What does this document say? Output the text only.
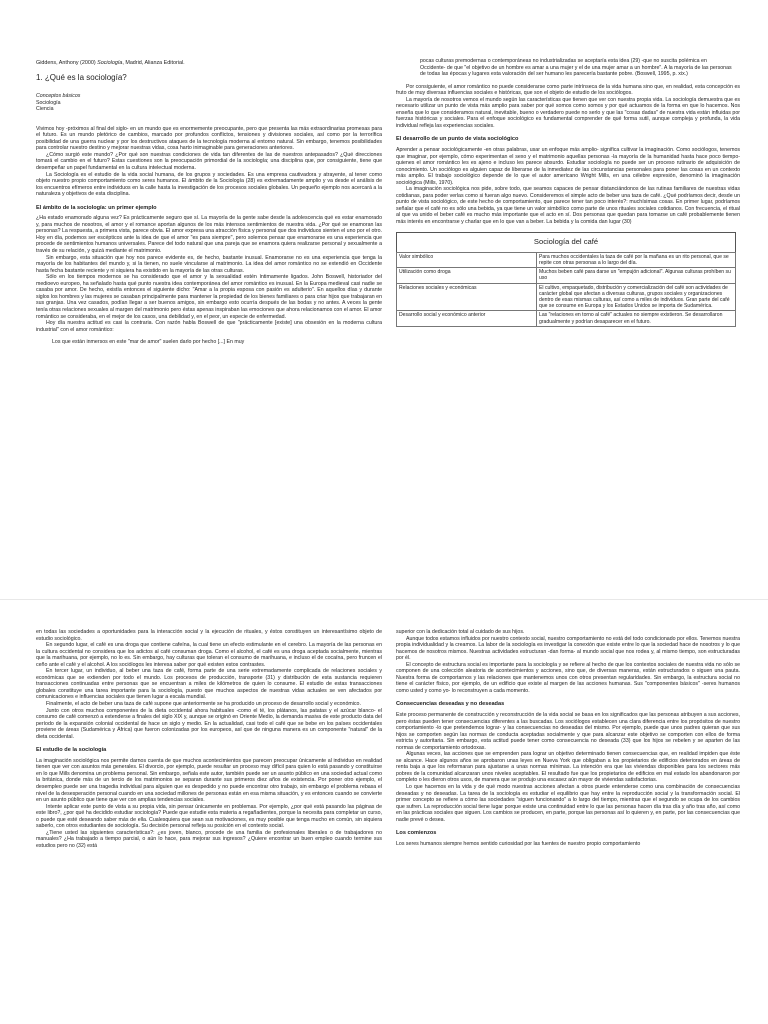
Giddens, Anthony (2000) Sociología, Madrid, Alianza Editorial.
1. ¿Qué es la sociología?
Conceptos básicos
Sociología
Ciencia

Vivimos hoy -próximos al final del siglo- en un mundo que es enormemente preocupante, pero que presenta las más extraordinarias promesas para el futuro. Es un mundo pletórico de cambios, marcado por profundos conflictos, tensiones y divisiones sociales, así como por la terrorífica posibilidad de una guerra nuclear y por los destructivos ataques de la tecnología moderna al entorno natural. Sin embargo, tenemos posibilidades para controlar nuestro destino y mejorar nuestras vidas, cosa harto inimaginable para generaciones anteriores.

¿Cómo surgió este mundo? ¿Por qué son nuestras condiciones de vida tan diferentes de las de nuestros antepasados? ¿Qué direcciones tomará el cambio en el futuro? Estas cuestiones son la preocupación primordial de la sociología; una disciplina que, por consiguiente, tiene que desempeñar un papel fundamental en la cultura intelectual moderna.

La Sociología es el estudio de la vida social humana, de los grupos y sociedades. Es una empresa cautivadora y atrayente, al tener como objeto nuestro propio comportamiento como seres humanos. El ámbito de la Sociología (28) es extremadamente amplio y va desde el análisis de los encuentros efímeros entre individuos en la calle hasta la investigación de los procesos sociales globales. Un pequeño ejemplo nos acercará a la naturaleza y objetivos de esta disciplina.

El ámbito de la sociología: un primer ejemplo

¿Ha estado enamorado alguna vez? Es prácticamente seguro que sí. La mayoría de la gente sabe desde la adolescencia qué es estar enamorado y, para muchos de nosotros, el amor y el romance aportan algunos de los más intensos sentimientos de nuestra vida. ¿Por qué se enamoran las personas? La respuesta, a primera vista, parece obvia. El amor expresa una atracción física y personal que dos individuos sienten el uno por el otro. Hoy en día, podemos ser escépticos ante la idea de que el amor "es para siempre", pero solemos pensar que enamorarse es una experiencia que procede de sentimientos humanos universales. Parece del todo natural que una pareja que se enamora quiera realizarse personal y sexualmente a través de su relación, y quizá mediante el matrimonio.

Sin embargo, esta situación que hoy nos parece evidente es, de hecho, bastante inusual. Enamorarse no es una experiencia que tenga la mayoría de los habitantes del mundo y, si la tienen, no suele vincularse al matrimonio. La idea del amor romántico no se extendió en Occidente hasta fecha bastante reciente y ni siquiera ha existido en la mayoría de las otras culturas.

Sólo en los tiempos modernos se ha considerado que el amor y la sexualidad estén íntimamente ligados. John Boswell, historiador del medioevo europeo, ha señalado hasta qué punto nuestra idea contemporánea del amor romántico es inusual. En la Europa medieval casi nadie se casaba por amor. De hecho, existía entonces el siguiente dicho: "Amar a la propia esposa con pasión es adulterio". En aquellos días y durante siglos los hombres y las mujeres se casaban principalmente para mantener la propiedad de los bienes familiares o para criar hijos que trabajaran en sus granjas. Una vez casados, podían llegar a ser buenos amigos, sin embargo esto ocurría después de las bodas y no antes. A veces la gente tenía otras relaciones sexuales al margen del matrimonio pero éstas apenas inspiraban las emociones que ahora relacionamos con el amor. El amor romántico se consideraba, en el mejor de los casos, una debilidad y, en el peor, un especie de enfermedad.

Hoy día nuestra actitud es casi la contraria. Con razón habla Boswell de que "prácticamente [existe] una obsesión en la moderna cultura industrial" con el amor romántico:

Los que están inmersos en este "mar de amor" suelen darlo por hecho [...] En muy

pocas culturas premodernas o contemporáneas no industrializadas se aceptaría esta idea (29) -que no suscita polémica en Occidente- de que "el objetivo de un hombre es amar a una mujer y el de una mujer amar a un hombre". A la mayoría de las personas de todas las épocas y lugares esta valoración del ser humano les parecería bastante pobre. (Boswell, 1995, p. xix.)

Por consiguiente, el amor romántico no puede considerarse como parte intrínseca de la vida humana sino que, en realidad, esta concepción es fruto de muy diversas influencias sociales e históricas, que son el objeto de estudio de los sociólogos.

La mayoría de nosotros vemos el mundo según las características que tienen que ver con nuestra propia vida. La sociología demuestra que es necesario utilizar un punto de vista más amplio para saber por qué somos como somos y por qué actuamos de la forma en que lo hacemos. Nos enseña que lo que consideramos natural, inevitable, bueno o verdadero puede no serlo y que las "cosas dadas" de nuestra vida están influidas por fuerzas históricas y sociales. Para el enfoque sociológico es fundamental comprender de qué forma sutil, aunque compleja y profunda, la vida individual refleja las experiencias sociales.

El desarrollo de un punto de vista sociológico

Aprender a pensar sociológicamente -en otras palabras, usar un enfoque más amplio- significa cultivar la imaginación. Como sociólogos, tenemos que imaginar, por ejemplo, cómo experimentan el sexo y el matrimonio aquellas personas -la mayoría de la humanidad hasta hace poco tiempo- quienes el amor romántico les es ajeno e incluso les parece absurdo. Estudiar sociología no puede ser un proceso rutinario de adquisición de conocimiento. Un sociólogo es alguien capaz de liberarse de la inmediatez de las circunstancias personales para poner las cosas en un contexto más amplio. El trabajo sociológico depende de lo que el autor americano Wright Mills, en una célebre expresión, denominó la imaginación sociológica (Mills, 1970).

La imaginación sociológica nos pide, sobre todo, que seamos capaces de pensar distanciándonos de las rutinas familiares de nuestras vidas cotidianas, para poder verlas como si fueran algo nuevo. Consideremos el simple acto de beber una taza de café. ¿Qué podríamos decir, desde un punto de vista sociológico, de este hecho de comportamiento, que parece tener tan poco interés?: muchísimas cosas. En primer lugar, podríamos señalar que el café no es sólo una bebida, ya que tiene un valor simbólico como parte de unos rituales sociales cotidianos. Con frecuencia, el ritual al que va unido el beber café es mucho más importante que el acto en sí. Dos personas que quedan para tomarse un café probablemente tienen más interés en encontrarse y charlar que en lo que van a beber. La bebida y la comida dan lugar (30)

Sociología del café
Valor simbólico	Para muchos occidentales la taza de café por la mañana es un rito personal, que se repite con otras personas a lo largo del día.
Utilización como droga	Muchos beben café para darse un "empujón adicional". Algunas culturas prohíben su uso
Relaciones sociales y económicas	El cultivo, empaquetado, distribución y comercialización del café son actividades de carácter global que afectan a diversas culturas, grupos sociales y organizaciones dentro de esas mismas culturas, así como a miles de individuos. Gran parte del café que se consume en Europa y los Estados Unidos se importa de Sudamérica.
Desarrollo social y económico anterior	Las "relaciones en torno al café" actuales no siempre existieron. Se desarrollaron gradualmente y podrían desaparecer en el futuro.

en todas las sociedades a oportunidades para la interacción social y la ejecución de rituales, y éstos constituyen un interesantísimo objeto de estudio sociológico.

En segundo lugar, el café es una droga que contiene cafeína, la cual tiene un efecto estimulante en el cerebro. La mayoría de las personas en la cultura occidental no considera que los adictos al café consuman droga. Como el alcohol, el café es una droga aceptada socialmente, mientras que la marihuana, por ejemplo, no lo es. Sin embargo, hay culturas que toleran el consumo de marihuana, e incluso el de cocaína, pero fruncen el ceño ante el café y el alcohol. A los sociólogos les interesa saber por qué existen estos contrastes.

En tercer lugar, un individuo, al beber una taza de café, forma parte de una serie extremadamente complicada de relaciones sociales y económicas que se extienden por todo el mundo. Los procesos de producción, transporte (31) y distribución de esta sustancia requieren transacciones continuadas entre personas que se encuentran a miles de kilómetros de quien lo consume. El estudio de estas transacciones globales constituye una tarea importante para la sociología, puesto que muchos aspectos de nuestras vidas actuales se ven afectados por comunicaciones e influencias sociales que tienen lugar a escala mundial.

Finalmente, el acto de beber una taza de café supone que anteriormente se ha producido un proceso de desarrollo social y económico.

Junto con otros muchos componentes de la dieta occidental ahora habituales -como el té, los plátanos, las patatas y el azúcar blanco- el consumo de café comenzó a extenderse a finales del siglo XIX y, aunque se originó en Oriente Medio, la demanda masiva de este producto data del período de la expansión colonial occidental de hace un siglo y medio. En la actualidad, casi todo el café que se bebe en los países occidentales proviene de áreas (Sudamérica y África) que fueron colonizadas por los europeos, así que de ninguna manera es un componente "natural" de la dieta occidental.

El estudio de la sociología

La imaginación sociológica nos permite darnos cuenta de que muchos acontecimientos que parecen preocupar únicamente al individuo en realidad tienen que ver con asuntos más generales. El divorcio, por ejemplo, puede resultar un proceso muy difícil para quien lo está pasando y constituirse en lo que Mills denomina un problema personal. Sin embargo, señala este autor, también puede ser un asunto público en una sociedad actual como la británica, donde más de un tercio de los matrimonios se separan durante sus primeros diez años de existencia. Por poner otro ejemplo, el desempleo puede ser una tragedia individual para alguien que es despedido y no puede encontrar otro trabajo, sin embargo el problema rebasa el nivel de la desesperación personal cuando en una sociedad millones de personas están en esa misma situación, y es entonces cuando se convierte en un asunto público que tiene que ver con amplias tendencias sociales.

Intente aplicar este punto de vista a su propia vida, sin pensar únicamente en problemas. Por ejemplo, ¿por qué está pasando las páginas de este libro?, ¿por qué ha decidido estudiar sociología? Puede que estudie esta materia a regañadientes, porque la necesita para completar un curso, o puede que esté deseando saber más de ella. Cualesquiera que sean sus motivaciones, es muy posible que tenga mucho en común, sin siquiera saberlo, con otros estudiantes de sociología. Su decisión personal refleja su posición en el contexto social.

¿Tiene usted las siguientes características?: ¿es joven, blanco, procede de una familia de profesionales liberales o de trabajadores no manuales? ¿Ha trabajado a tiempo parcial, o aún lo hace, para mejorar sus ingresos? ¿Quiere encontrar un buen empleo cuando termine sus estudios pero no (32) está

superior con la dedicación total al cuidado de sus hijos.

Aunque todos estamos influidos por nuestro contexto social, nuestro comportamiento no está del todo condicionado por ellos. Tenemos nuestra propia individualidad y la creamos. La labor de la sociología es investigar la conexión que existe entre lo que la sociedad hace de nosotros y lo que hacemos de nosotros mismos. Nuestras actividades estructuran -dan forma- al mundo social que nos rodea y, al mismo tiempo, son estructuradas por él.

El concepto de estructura social es importante para la sociología y se refiere al hecho de que los contextos sociales de nuestra vida no sólo se componen de una colección aleatoria de acontecimientos y acciones, sino que, de diversas maneras, están estructurados o siguen una pauta. Nuestra forma de comportarnos y las relaciones que mantenemos unos con otros presentan regularidades. Sin embargo, la estructura social no tiene el carácter físico, por ejemplo, de un edificio que existe al margen de las acciones humanas. Sus "componentes básicos" -seres humanos como usted y como yo- lo reconstruyen a cada momento.

Consecuencias deseadas y no deseadas

Este proceso permanente de construcción y reconstrucción de la vida social se basa en los significados que las personas atribuyen a sus acciones, pero éstas pueden tener consecuencias diferentes a las buscadas. Los sociólogos establecen una clara diferencia entre los propósitos de nuestro comportamiento -lo que pretendemos lograr- y las consecuencias no deseadas del mismo. Por ejemplo, puede que unos padres quieran que sus hijos se comporten según las normas de conducta aceptadas socialmente y que para alcanzar este objetivo se comporten con ellos de forma estricta y autoritaria. Sin embargo, esta actitud puede tener como consecuencia no deseada (33) que los hijos se rebelen y se aparten de las normas de comportamiento ortodoxas.

Algunas veces, las acciones que se emprenden para lograr un objetivo determinado tienen consecuencias que, en realidad impiden que éste se alcance. Hace algunos años se aprobaron unas leyes en Nueva York que obligaban a los propietarios de edificios deteriorados en áreas de renta baja a que los reformaran para ajustarse a unas normas mínimas. La intención era que las viviendas disponibles para los sectores más pobres de la comunidad alcanzaran unos niveles aceptables. El resultado fue que los propietarios de edificios en mal estado los abandonaron por completo o les dieron otros usos, de manera que se produjo una escasez aún mayor de viviendas satisfactorias.

Lo que hacemos en la vida y de qué modo nuestras acciones afectan a otros puede entenderse como una combinación de consecuencias deseadas y no deseadas. La tarea de la sociología es estudiar el equilibrio que hay entre la reproducción social y la transformación social. El primer concepto se refiere a cómo las sociedades "siguen funcionando" a lo largo del tiempo, mientras que el segundo se ocupa de los cambios que sufren. La reproducción social tiene lugar porque existe una continuidad entre lo que las personas hacen día tras día y año tras año, así como en las prácticas sociales que siguen. Los cambios se producen, en parte, porque las personas así lo quieren y, en parte, por las consecuencias que nadie prevé o desea.

Los comienzos

Los seres humanos siempre hemos sentido curiosidad por las fuentes de nuestro propio comportamiento
